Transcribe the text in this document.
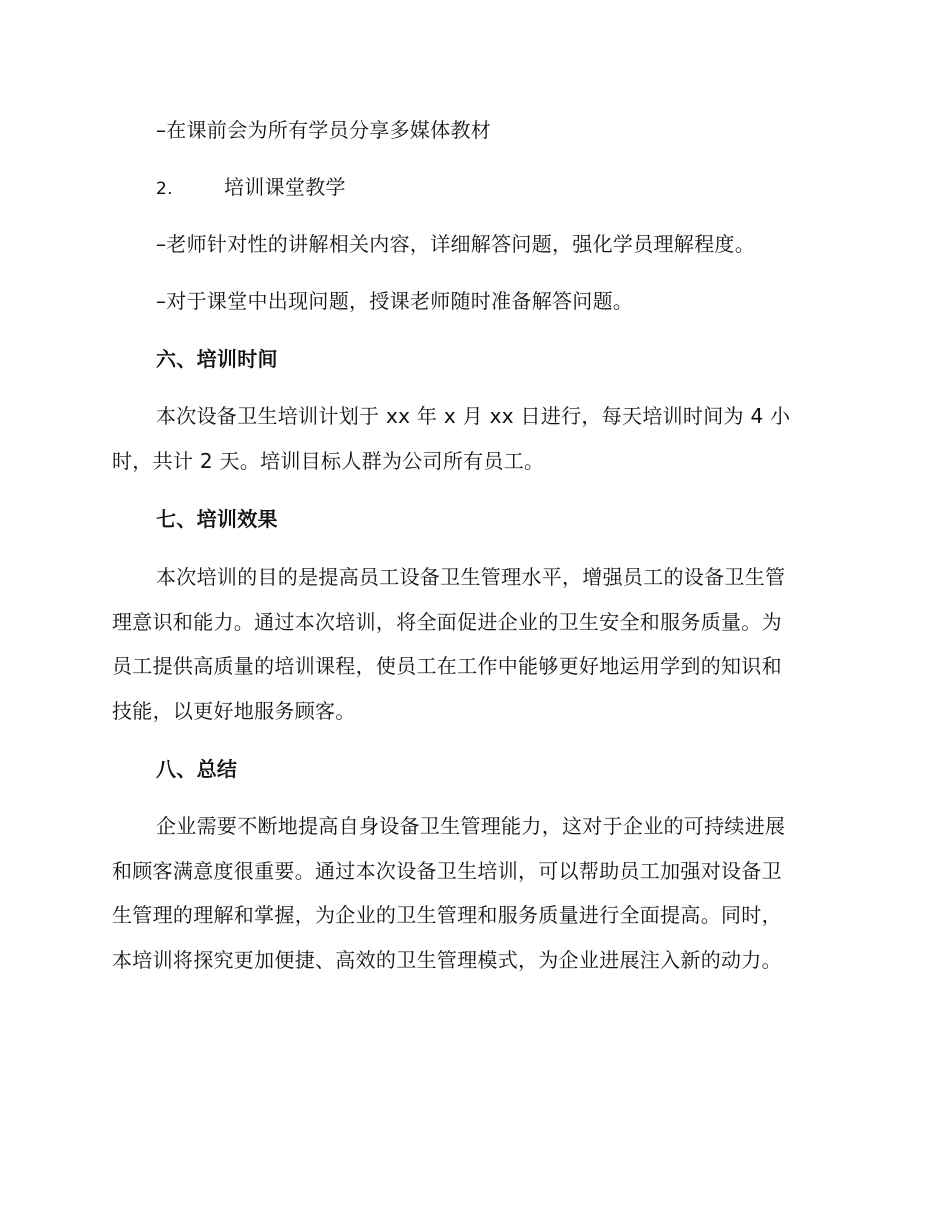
–在课前会为所有学员分享多媒体教材
2.	培训课堂教学
–老师针对性的讲解相关内容，详细解答问题，强化学员理解程度。
–对于课堂中出现问题，授课老师随时准备解答问题。
六、培训时间
本次设备卫生培训计划于 xx 年 x 月 xx 日进行，每天培训时间为 4 小
时，共计 2 天。培训目标人群为公司所有员工。
七、培训效果
本次培训的目的是提高员工设备卫生管理水平，增强员工的设备卫生管
理意识和能力。通过本次培训，将全面促进企业的卫生安全和服务质量。为
员工提供高质量的培训课程，使员工在工作中能够更好地运用学到的知识和
技能，以更好地服务顾客。
八、总结
企业需要不断地提高自身设备卫生管理能力，这对于企业的可持续进展
和顾客满意度很重要。通过本次设备卫生培训，可以帮助员工加强对设备卫
生管理的理解和掌握，为企业的卫生管理和服务质量进行全面提高。同时，
本培训将探究更加便捷、高效的卫生管理模式，为企业进展注入新的动力。
